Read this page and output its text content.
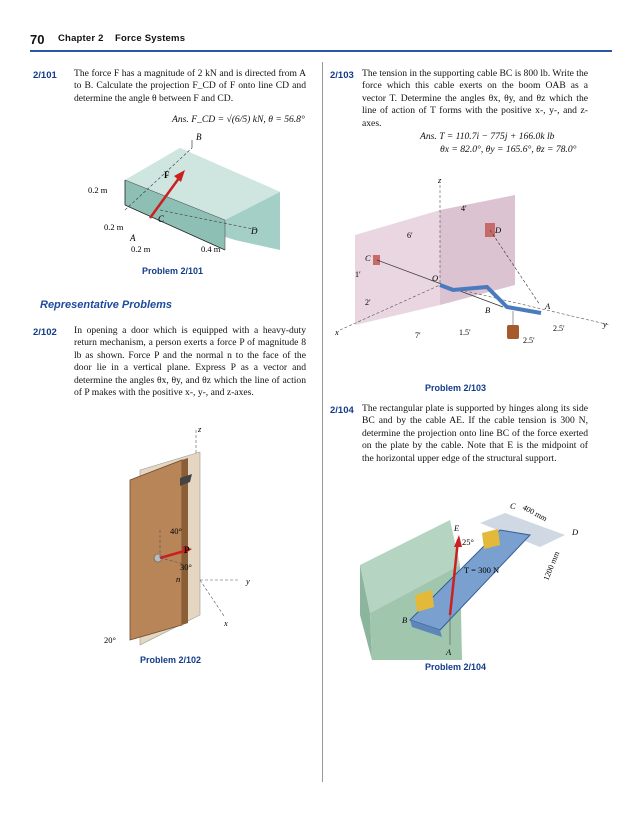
70 Chapter 2 Force Systems
2/101 The force F has a magnitude of 2 kN and is directed from A to B. Calculate the projection F_CD of F onto line CD and determine the angle θ between F and CD.
Ans. F_CD = √(6/5) kN, θ = 56.8°
B
F
C
D
A
0.2 m
0.2 m
0.2 m	0.4 m
Problem 2/101
Representative Problems
2/102 In opening a door which is equipped with a heavy-duty return mechanism, a person exerts a force P of magnitude 8 lb as shown. Force P and the normal n to the face of the door lie in a vertical plane. Express P as a vector and determine the angles θx, θy, and θz which the line of action of P makes with the positive x-, y-, and z-axes.
z
y
x
P
n
40°
30°
20°
Problem 2/102
2/103 The tension in the supporting cable BC is 800 lb. Write the force which this cable exerts on the boom OAB as a vector T. Determine the angles θx, θy, and θz which the line of action of T forms with the positive x-, y-, and z-axes.
Ans. T = 110.7i − 775j + 166.0k lb
θx = 82.0°, θy = 165.6°, θz = 78.0°
z
x
y
C
D
O
B	A
4′
6′
1′
2′
7′	1.5′
2.5′
2.5′
Problem 2/103
2/104 The rectangular plate is supported by hinges along its side BC and by the cable AE. If the cable tension is 300 N, determine the projection onto line BC of the force exerted on the plate by the cable. Note that E is the midpoint of the horizontal upper edge of the structural support.
C
D
E
B
A
400 mm
1200 mm
25°
T = 300 N
Problem 2/104
